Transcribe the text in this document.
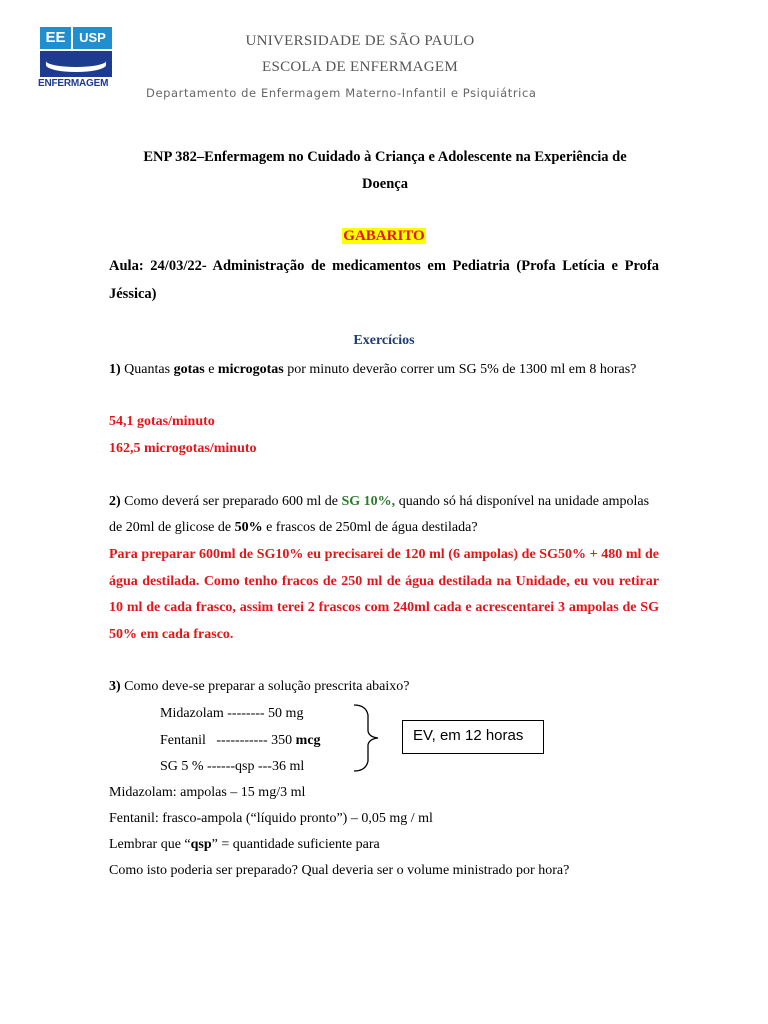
EE	USP
ENFERMAGEM
UNIVERSIDADE DE SÃO PAULO
ESCOLA DE ENFERMAGEM
Departamento de Enfermagem Materno-Infantil e Psiquiátrica
ENP 382–Enfermagem no Cuidado à Criança e Adolescente na Experiência de
Doença
GABARITO
Aula: 24/03/22- Administração de medicamentos em Pediatria (Profa Letícia e Profa Jéssica)
Exercícios
1) Quantas gotas e microgotas por minuto deverão correr um SG 5% de 1300 ml em 8 horas?
54,1 gotas/minuto
162,5 microgotas/minuto
2) Como deverá ser preparado 600 ml de SG 10%, quando só há disponível na unidade ampolas de 20ml de glicose de 50% e frascos de 250ml de água destilada?
Para preparar 600ml de SG10% eu precisarei de 120 ml (6 ampolas) de SG50% + 480 ml de água destilada. Como tenho fracos de 250 ml de água destilada na Unidade, eu vou retirar 10 ml de cada frasco, assim terei 2 frascos com 240ml cada e acrescentarei 3 ampolas de SG 50% em cada frasco.
3) Como deve-se preparar a solução prescrita abaixo?
Midazolam -------- 50 mg
Fentanil   ----------- 350 mcg
SG 5 % ------qsp ---36 ml
EV, em 12 horas
Midazolam: ampolas – 15 mg/3 ml
Fentanil: frasco-ampola (“líquido pronto”) – 0,05 mg / ml
Lembrar que “qsp” = quantidade suficiente para
Como isto poderia ser preparado? Qual deveria ser o volume ministrado por hora?
